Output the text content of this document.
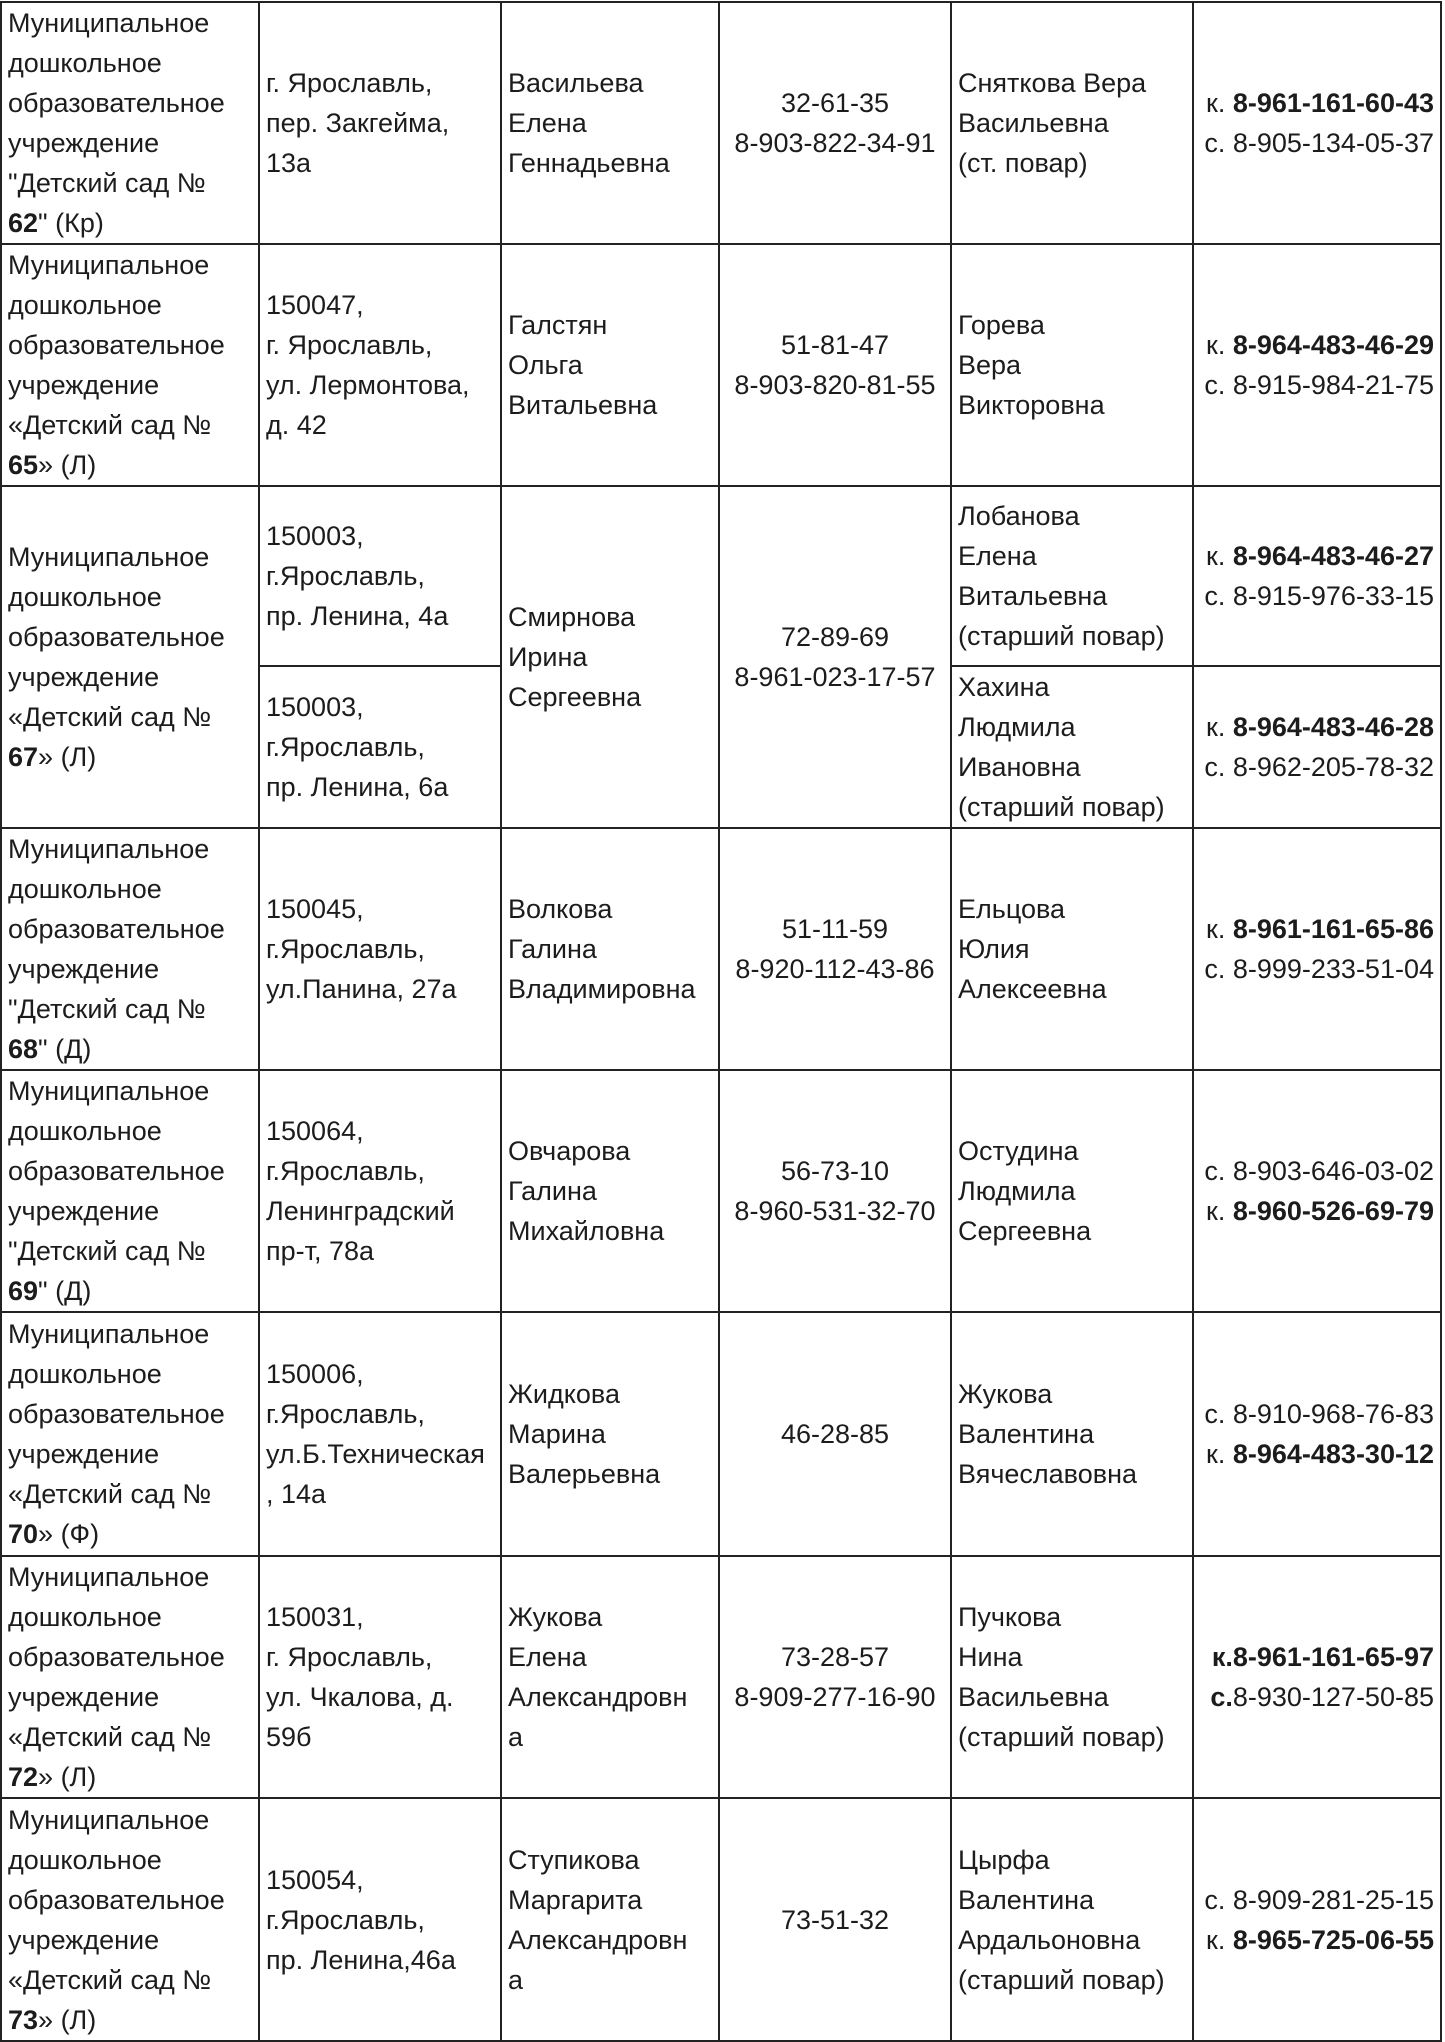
Муниципальное дошкольное образовательное учреждение "Детский сад № 62" (Кр)	г. Ярославль,
пер. Закгейма,
13а	Васильева
Елена
Геннадьевна	32-61-35
8-903-822-34-91	Сняткова Вера
Васильевна
(ст. повар)	к. 8-961-161-60-43
с. 8-905-134-05-37

Муниципальное дошкольное образовательное учреждение «Детский сад № 65» (Л)	150047,
г. Ярославль,
ул. Лермонтова,
д. 42	Галстян
Ольга
Витальевна	51-81-47
8-903-820-81-55	Горева
Вера
Викторовна	к. 8-964-483-46-29
с. 8-915-984-21-75

Муниципальное дошкольное образовательное учреждение «Детский сад № 67» (Л)	150003,
г.Ярославль,
пр. Ленина, 4а	Смирнова
Ирина
Сергеевна	72-89-69
8-961-023-17-57	Лобанова
Елена
Витальевна
(старший повар)	к. 8-964-483-46-27
с. 8-915-976-33-15

	150003,
г.Ярославль,
пр. Ленина, 6а			Хахина
Людмила
Ивановна
(старший повар)	к. 8-964-483-46-28
с. 8-962-205-78-32

Муниципальное дошкольное образовательное учреждение "Детский сад № 68" (Д)	150045,
г.Ярославль,
ул.Панина, 27а	Волкова
Галина
Владимировна	51-11-59
8-920-112-43-86	Ельцова
Юлия
Алексеевна	к. 8-961-161-65-86
с. 8-999-233-51-04

Муниципальное дошкольное образовательное учреждение "Детский сад № 69" (Д)	150064,
г.Ярославль,
Ленинградский
пр-т, 78а	Овчарова
Галина
Михайловна	56-73-10
8-960-531-32-70	Остудина
Людмила
Сергеевна	с. 8-903-646-03-02
к. 8-960-526-69-79

Муниципальное дошкольное образовательное учреждение «Детский сад № 70» (Ф)	150006,
г.Ярославль,
ул.Б.Техническая
, 14а	Жидкова
Марина
Валерьевна	46-28-85	Жукова
Валентина
Вячеславовна	с. 8-910-968-76-83
к. 8-964-483-30-12

Муниципальное дошкольное образовательное учреждение «Детский сад № 72» (Л)	150031,
г. Ярославль,
ул. Чкалова, д.
59б	Жукова
Елена
Александровн
а	73-28-57
8-909-277-16-90	Пучкова
Нина
Васильевна
(старший повар)	к.8-961-161-65-97
с.8-930-127-50-85

Муниципальное дошкольное образовательное учреждение «Детский сад № 73» (Л)	150054,
г.Ярославль,
пр. Ленина,46а	Ступикова
Маргарита
Александровн
а	73-51-32	Цырфа
Валентина
Ардальоновна
(старший повар)	с. 8-909-281-25-15
к. 8-965-725-06-55
